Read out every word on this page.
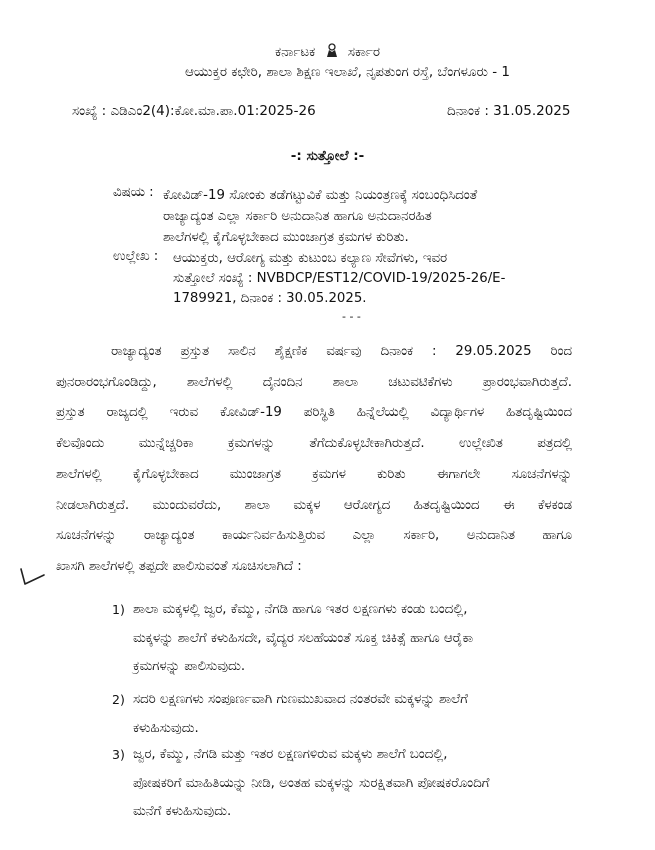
ಕರ್ನಾಟಕ ಸರ್ಕಾರ
ಆಯುಕ್ತರ ಕಛೇರಿ, ಶಾಲಾ ಶಿಕ್ಷಣ ಇಲಾಖೆ, ನೃಪತುಂಗ ರಸ್ತೆ, ಬೆಂಗಳೂರು - 1
ಸಂಖ್ಯೆ : ಎಡಿಎಂ2(4):ಕೋ.ಮಾ.ಪಾ.01:2025-26	ದಿನಾಂಕ : 31.05.2025
-: ಸುತ್ತೋಲೆ :-
ವಿಷಯ : ಕೋವಿಡ್-19 ಸೋಂಕು ತಡೆಗಟ್ಟುವಿಕೆ ಮತ್ತು ನಿಯಂತ್ರಣಕ್ಕೆ ಸಂಬಂಧಿಸಿದಂತೆ
ರಾಜ್ಯಾದ್ಯಂತ ಎಲ್ಲಾ ಸರ್ಕಾರಿ ಅನುದಾನಿತ ಹಾಗೂ ಅನುದಾನರಹಿತ
ಶಾಲೆಗಳಲ್ಲಿ ಕೈಗೊಳ್ಳಬೇಕಾದ ಮುಂಜಾಗ್ರತ ಕ್ರಮಗಳ ಕುರಿತು.
ಉಲ್ಲೇಖ : ಆಯುಕ್ತರು, ಆರೋಗ್ಯ ಮತ್ತು ಕುಟುಂಬ ಕಲ್ಯಾಣ ಸೇವೆಗಳು, ಇವರ
ಸುತ್ತೋಲೆ ಸಂಖ್ಯೆ : NVBDCP/EST12/COVID-19/2025-26/E-
1789921, ದಿನಾಂಕ : 30.05.2025.
- - -
ರಾಜ್ಯಾದ್ಯಂತ ಪ್ರಸ್ತುತ ಸಾಲಿನ ಶೈಕ್ಷಣಿಕ ವರ್ಷವು ದಿನಾಂಕ : 29.05.2025 ರಿಂದ
ಪುನರಾರಂಭಗೊಂಡಿದ್ದು, ಶಾಲೆಗಳಲ್ಲಿ ದೈನಂದಿನ ಶಾಲಾ ಚಟುವಟಿಕೆಗಳು ಪ್ರಾರಂಭವಾಗಿರುತ್ತದೆ.
ಪ್ರಸ್ತುತ ರಾಜ್ಯದಲ್ಲಿ ಇರುವ ಕೋವಿಡ್-19 ಪರಿಸ್ಥಿತಿ ಹಿನ್ನೆಲೆಯಲ್ಲಿ ವಿದ್ಯಾರ್ಥಿಗಳ ಹಿತದೃಷ್ಟಿಯಿಂದ
ಕೆಲವೊಂದು ಮುನ್ನೆಚ್ಚರಿಕಾ ಕ್ರಮಗಳನ್ನು ತೆಗೆದುಕೊಳ್ಳಬೇಕಾಗಿರುತ್ತದೆ. ಉಲ್ಲೇಖಿತ ಪತ್ರದಲ್ಲಿ
ಶಾಲೆಗಳಲ್ಲಿ ಕೈಗೊಳ್ಳಬೇಕಾದ ಮುಂಜಾಗ್ರತ ಕ್ರಮಗಳ ಕುರಿತು ಈಗಾಗಲೇ ಸೂಚನೆಗಳನ್ನು
ನೀಡಲಾಗಿರುತ್ತದೆ. ಮುಂದುವರೆದು, ಶಾಲಾ ಮಕ್ಕಳ ಆರೋಗ್ಯದ ಹಿತದೃಷ್ಟಿಯಿಂದ ಈ ಕೆಳಕಂಡ
ಸೂಚನೆಗಳನ್ನು ರಾಜ್ಯಾದ್ಯಂತ ಕಾರ್ಯನಿರ್ವಹಿಸುತ್ತಿರುವ ಎಲ್ಲಾ ಸರ್ಕಾರಿ, ಅನುದಾನಿತ ಹಾಗೂ
ಖಾಸಗಿ ಶಾಲೆಗಳಲ್ಲಿ ತಪ್ಪದೇ ಪಾಲಿಸುವಂತೆ ಸೂಚಿಸಲಾಗಿದೆ :
1) ಶಾಲಾ ಮಕ್ಕಳಲ್ಲಿ ಜ್ವರ, ಕೆಮ್ಮು, ನೆಗಡಿ ಹಾಗೂ ಇತರ ಲಕ್ಷಣಗಳು ಕಂಡು ಬಂದಲ್ಲಿ,
ಮಕ್ಕಳನ್ನು ಶಾಲೆಗೆ ಕಳುಹಿಸದೇ, ವೈದ್ಯರ ಸಲಹೆಯಂತೆ ಸೂಕ್ತ ಚಿಕಿತ್ಸೆ ಹಾಗೂ ಆರೈಕಾ
ಕ್ರಮಗಳನ್ನು ಪಾಲಿಸುವುದು.
2) ಸದರಿ ಲಕ್ಷಣಗಳು ಸಂಪೂರ್ಣವಾಗಿ ಗುಣಮುಖವಾದ ನಂತರವೇ ಮಕ್ಕಳನ್ನು ಶಾಲೆಗೆ
ಕಳುಹಿಸುವುದು.
3) ಜ್ವರ, ಕೆಮ್ಮು, ನೆಗಡಿ ಮತ್ತು ಇತರ ಲಕ್ಷಣಗಳಿರುವ ಮಕ್ಕಳು ಶಾಲೆಗೆ ಬಂದಲ್ಲಿ,
ಪೋಷಕರಿಗೆ ಮಾಹಿತಿಯನ್ನು ನೀಡಿ, ಅಂತಹ ಮಕ್ಕಳನ್ನು ಸುರಕ್ಷಿತವಾಗಿ ಪೋಷಕರೊಂದಿಗೆ
ಮನೆಗೆ ಕಳುಹಿಸುವುದು.
